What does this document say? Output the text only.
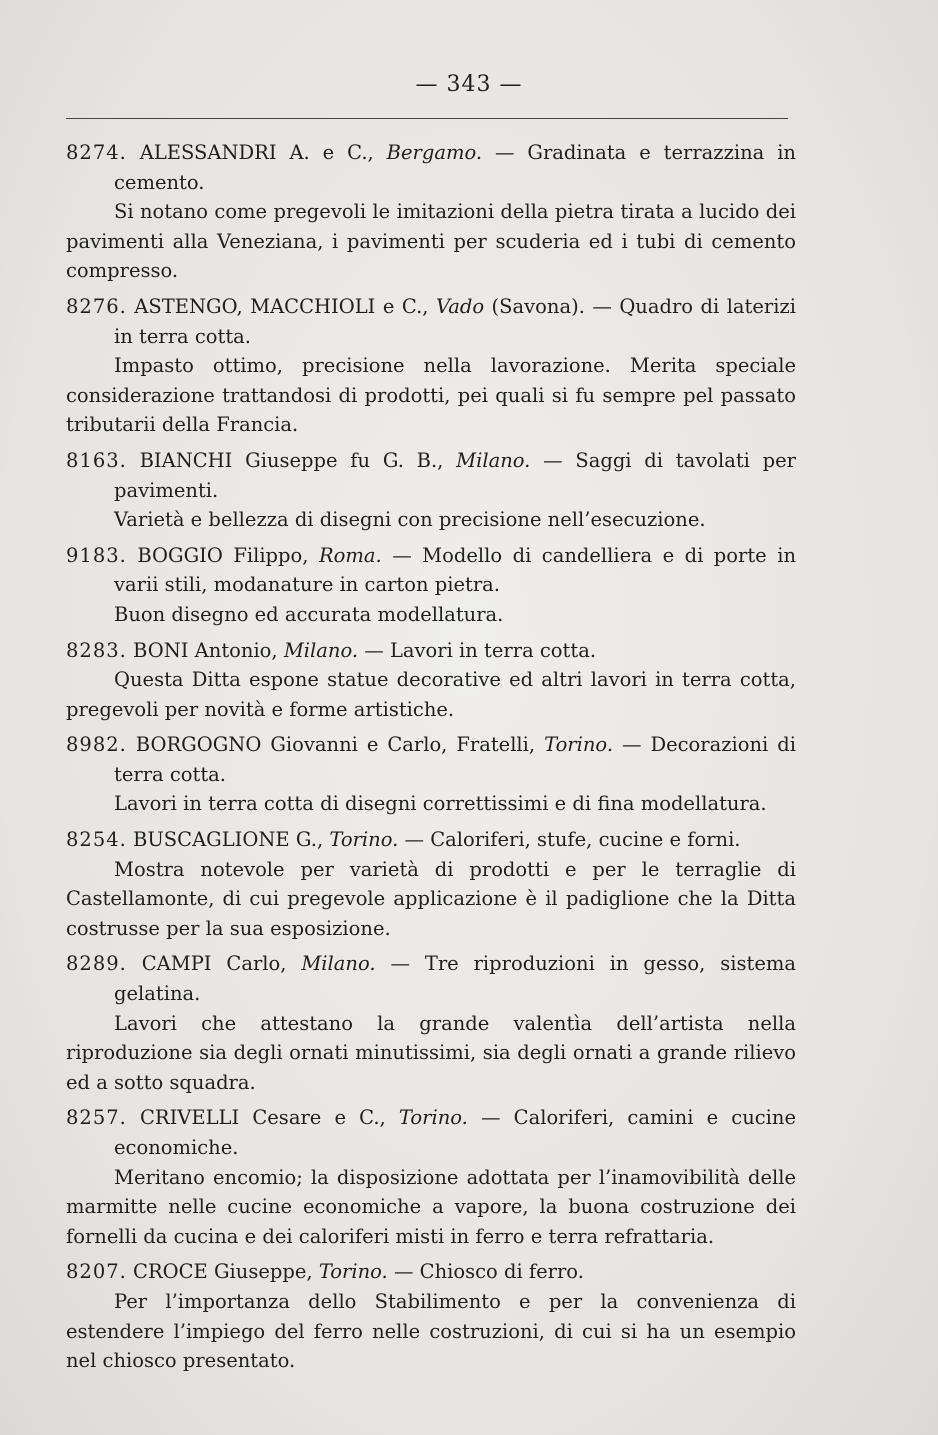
— 343 —
8274. ALESSANDRI A. e C., Bergamo. — Gradinata e terrazzina in cemento.
Si notano come pregevoli le imitazioni della pietra tirata a lucido dei pavimenti alla Veneziana, i pavimenti per scuderia ed i tubi di cemento compresso.
8276. ASTENGO, MACCHIOLI e C., Vado (Savona). — Quadro di laterizi in terra cotta.
Impasto ottimo, precisione nella lavorazione. Merita speciale considerazione trattandosi di prodotti, pei quali si fu sempre pel passato tributarii della Francia.
8163. BIANCHI Giuseppe fu G. B., Milano. — Saggi di tavolati per pavimenti.
Varietà e bellezza di disegni con precisione nell’esecuzione.
9183. BOGGIO Filippo, Roma. — Modello di candelliera e di porte in varii stili, modanature in carton pietra.
Buon disegno ed accurata modellatura.
8283. BONI Antonio, Milano. — Lavori in terra cotta.
Questa Ditta espone statue decorative ed altri lavori in terra cotta, pregevoli per novità e forme artistiche.
8982. BORGOGNO Giovanni e Carlo, Fratelli, Torino. — Decorazioni di terra cotta.
Lavori in terra cotta di disegni correttissimi e di fina modellatura.
8254. BUSCAGLIONE G., Torino. — Caloriferi, stufe, cucine e forni.
Mostra notevole per varietà di prodotti e per le terraglie di Castellamonte, di cui pregevole applicazione è il padiglione che la Ditta costrusse per la sua esposizione.
8289. CAMPI Carlo, Milano. — Tre riproduzioni in gesso, sistema gelatina.
Lavori che attestano la grande valentìa dell’artista nella riproduzione sia degli ornati minutissimi, sia degli ornati a grande rilievo ed a sotto squadra.
8257. CRIVELLI Cesare e C., Torino. — Caloriferi, camini e cucine economiche.
Meritano encomio; la disposizione adottata per l’inamovibilità delle marmitte nelle cucine economiche a vapore, la buona costruzione dei fornelli da cucina e dei caloriferi misti in ferro e terra refrattaria.
8207. CROCE Giuseppe, Torino. — Chiosco di ferro.
Per l’importanza dello Stabilimento e per la convenienza di estendere l’impiego del ferro nelle costruzioni, di cui si ha un esempio nel chiosco presentato.
